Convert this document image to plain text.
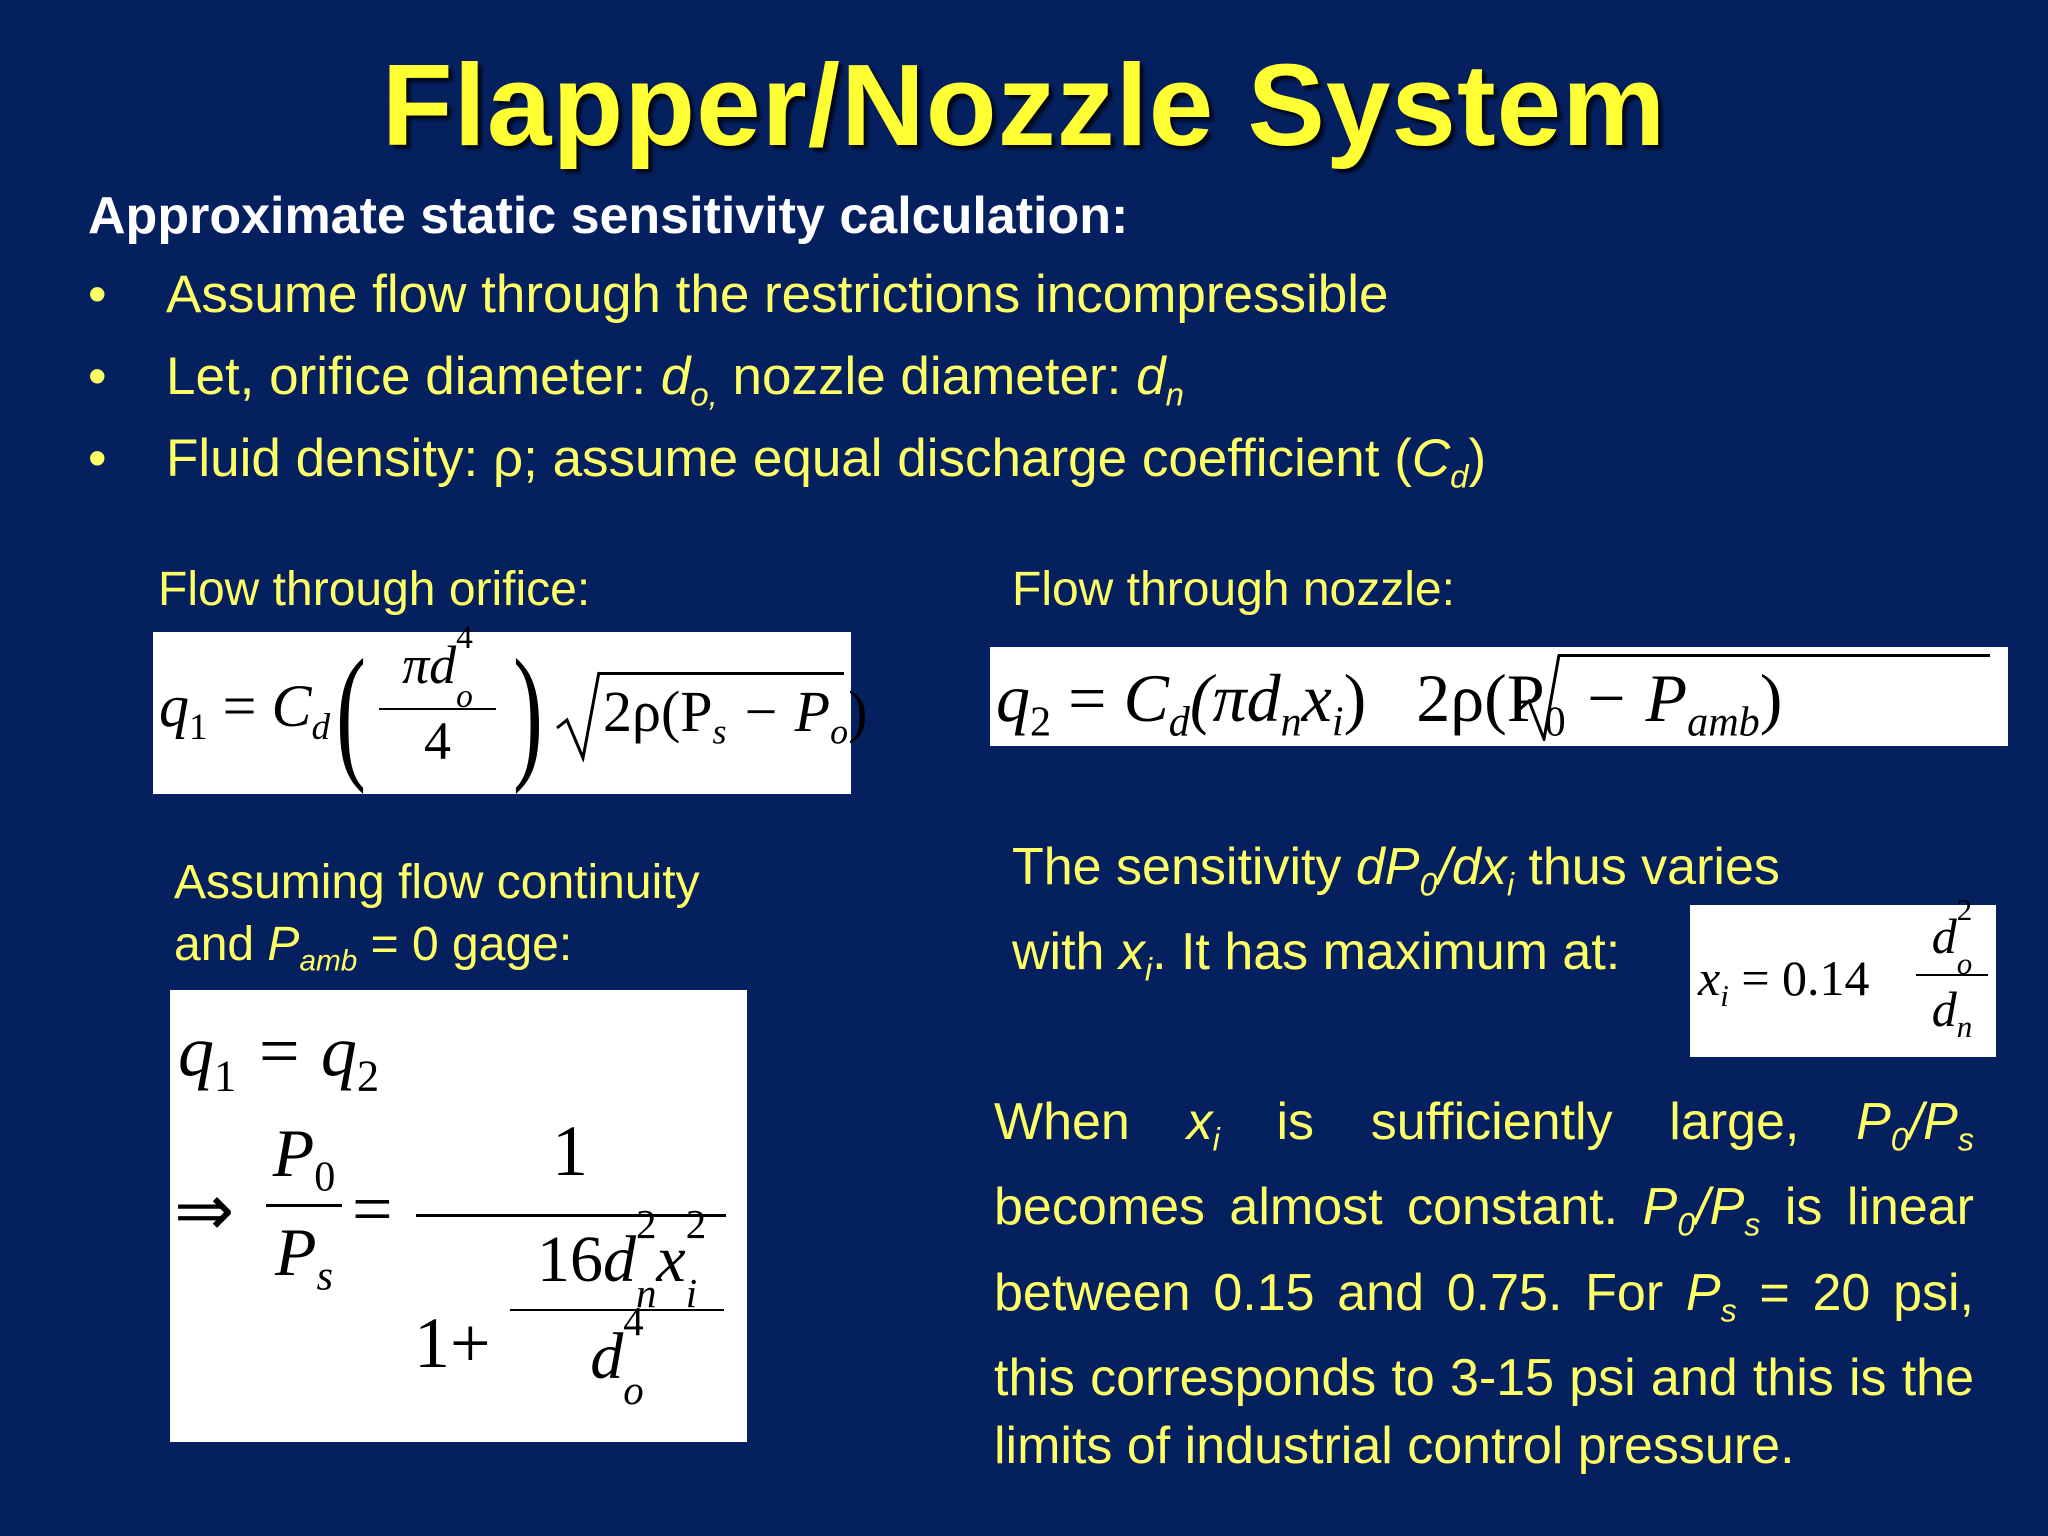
Flapper/Nozzle System
Approximate static sensitivity calculation:
• Assume flow through the restrictions incompressible
• Let, orifice diameter: $d_{o,}$ nozzle diameter: $d_n$
• Fluid density: ρ; assume equal discharge coefficient $(C_d)$
Flow through orifice:
$q_1 = C_d$ ( πd 4
$_o$
4 ) $2\rho(P_s - P_o)$
Flow through nozzle:
$q_2 = C_d(\pi d_nx_i) 2\rho(P_0 - P_{amb})$
Assuming flow continuity
and $P_{amb} = 0$ gage:
$q_1 = q_2$
⇒
$P_0$
$P_s$
=
1
1+
16d 2
$_n$x 2
$_i$
d 4
$_o$
The sensitivity $dP_0/dx_i$ thus varies
with $x_i$. It has maximum at:	$x_i = 0.14$
d 2
$_o$
$d_n$
When $x_i$ is sufficiently large, $P_0/P_s$ becomes almost constant. $P_0/P_s$ is linear between 0.15 and 0.75. For $P_s = 20$ psi, this corresponds to 3-15 psi and this is the limits of industrial control pressure.
